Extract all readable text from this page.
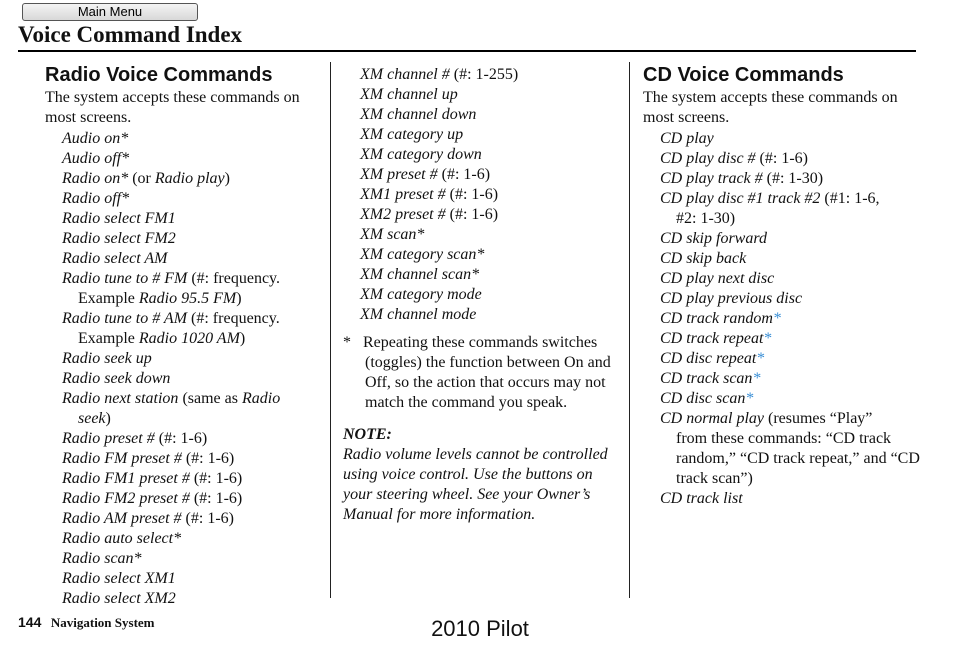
Main Menu
Voice Command Index
Radio Voice Commands
The system accepts these commands on most screens.
Audio on*
Audio off*
Radio on* (or Radio play)
Radio off*
Radio select FM1
Radio select FM2
Radio select AM
Radio tune to # FM (#: frequency.
Example Radio 95.5 FM)
Radio tune to # AM (#: frequency.
Example Radio 1020 AM)
Radio seek up
Radio seek down
Radio next station (same as Radio
seek)
Radio preset # (#: 1-6)
Radio FM preset # (#: 1-6)
Radio FM1 preset # (#: 1-6)
Radio FM2 preset # (#: 1-6)
Radio AM preset # (#: 1-6)
Radio auto select*
Radio scan*
Radio select XM1
Radio select XM2
XM channel # (#: 1-255)
XM channel up
XM channel down
XM category up
XM category down
XM preset # (#: 1-6)
XM1 preset # (#: 1-6)
XM2 preset # (#: 1-6)
XM scan*
XM category scan*
XM channel scan*
XM category mode
XM channel mode
* Repeating these commands switches (toggles) the function between On and Off, so the action that occurs may not match the command you speak.
NOTE:
Radio volume levels cannot be controlled using voice control. Use the buttons on your steering wheel. See your Owner’s Manual for more information.
CD Voice Commands
The system accepts these commands on most screens.
CD play
CD play disc # (#: 1-6)
CD play track # (#: 1-30)
CD play disc #1 track #2 (#1: 1-6,
#2: 1-30)
CD skip forward
CD skip back
CD play next disc
CD play previous disc
CD track random*
CD track repeat*
CD disc repeat*
CD track scan*
CD disc scan*
CD normal play (resumes “Play”
from these commands: “CD track random,” “CD track repeat,” and “CD track scan”)
CD track list
144 Navigation System	2010 Pilot
